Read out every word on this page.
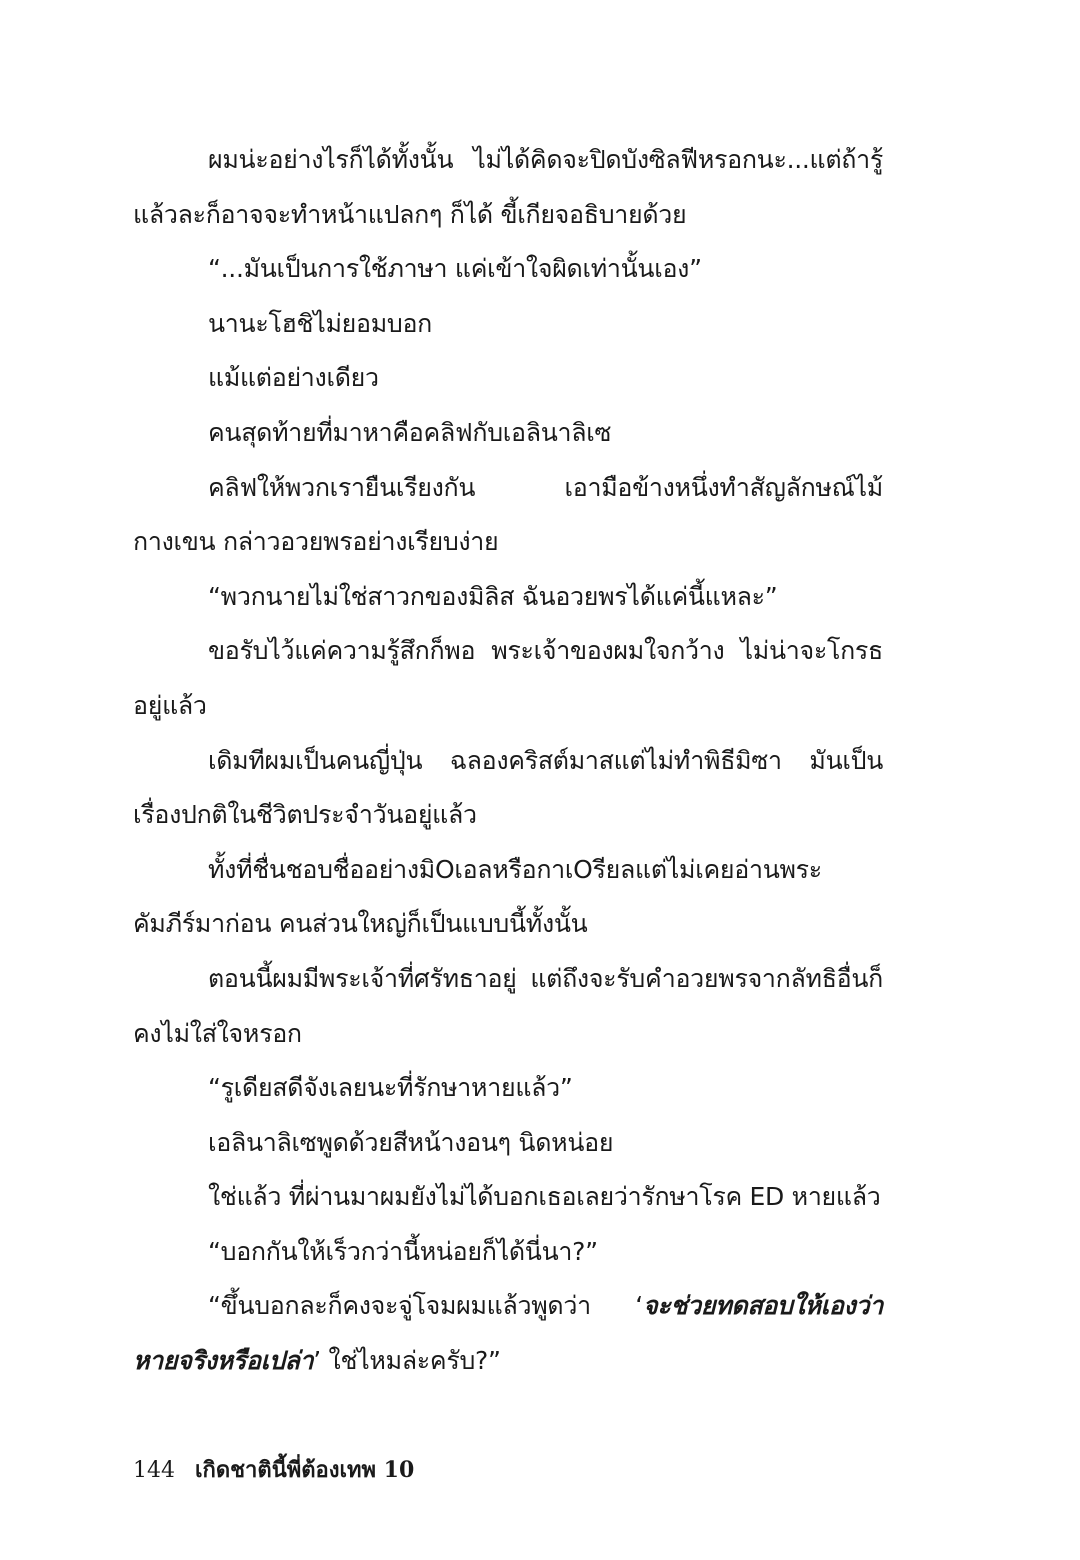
ผมน่ะอย่างไรก็ได้ทั้งนั้น ไม่ได้คิดจะปิดบังซิลฟีหรอกนะ...แต่ถ้ารู้แล้วละก็อาจจะทำหน้าแปลกๆ ก็ได้ ขี้เกียจอธิบายด้วย

“...มันเป็นการใช้ภาษา แค่เข้าใจผิดเท่านั้นเอง”

นานะโฮชิไม่ยอมบอก

แม้แต่อย่างเดียว

คนสุดท้ายที่มาหาคือคลิฟกับเอลินาลิเซ

คลิฟให้พวกเรายืนเรียงกัน เอามือข้างหนึ่งทำสัญลักษณ์ไม้กางเขน กล่าวอวยพรอย่างเรียบง่าย

“พวกนายไม่ใช่สาวกของมิลิส ฉันอวยพรได้แค่นี้แหละ”

ขอรับไว้แค่ความรู้สึกก็พอ พระเจ้าของผมใจกว้าง ไม่น่าจะโกรธอยู่แล้ว

เดิมทีผมเป็นคนญี่ปุ่น ฉลองคริสต์มาสแต่ไม่ทำพิธีมิซา มันเป็นเรื่องปกติในชีวิตประจำวันอยู่แล้ว

ทั้งที่ชื่นชอบชื่ออย่างมิOเอลหรือกาเOรียลแต่ไม่เคยอ่านพระคัมภีร์มาก่อน คนส่วนใหญ่ก็เป็นแบบนี้ทั้งนั้น

ตอนนี้ผมมีพระเจ้าที่ศรัทธาอยู่ แต่ถึงจะรับคำอวยพรจากลัทธิอื่นก็คงไม่ใส่ใจหรอก

“รูเดียสดีจังเลยนะที่รักษาหายแล้ว”

เอลินาลิเซพูดด้วยสีหน้างอนๆ นิดหน่อย

ใช่แล้ว ที่ผ่านมาผมยังไม่ได้บอกเธอเลยว่ารักษาโรค ED หายแล้ว

“บอกกันให้เร็วกว่านี้หน่อยก็ได้นี่นา?”

“ขึ้นบอกละก็คงจะจู่โจมผมแล้วพูดว่า ‘จะช่วยทดสอบให้เองว่าหายจริงหรือเปล่า’ ใช่ไหมล่ะครับ?”

144 เกิดชาตินี้พี่ต้องเทพ 10
